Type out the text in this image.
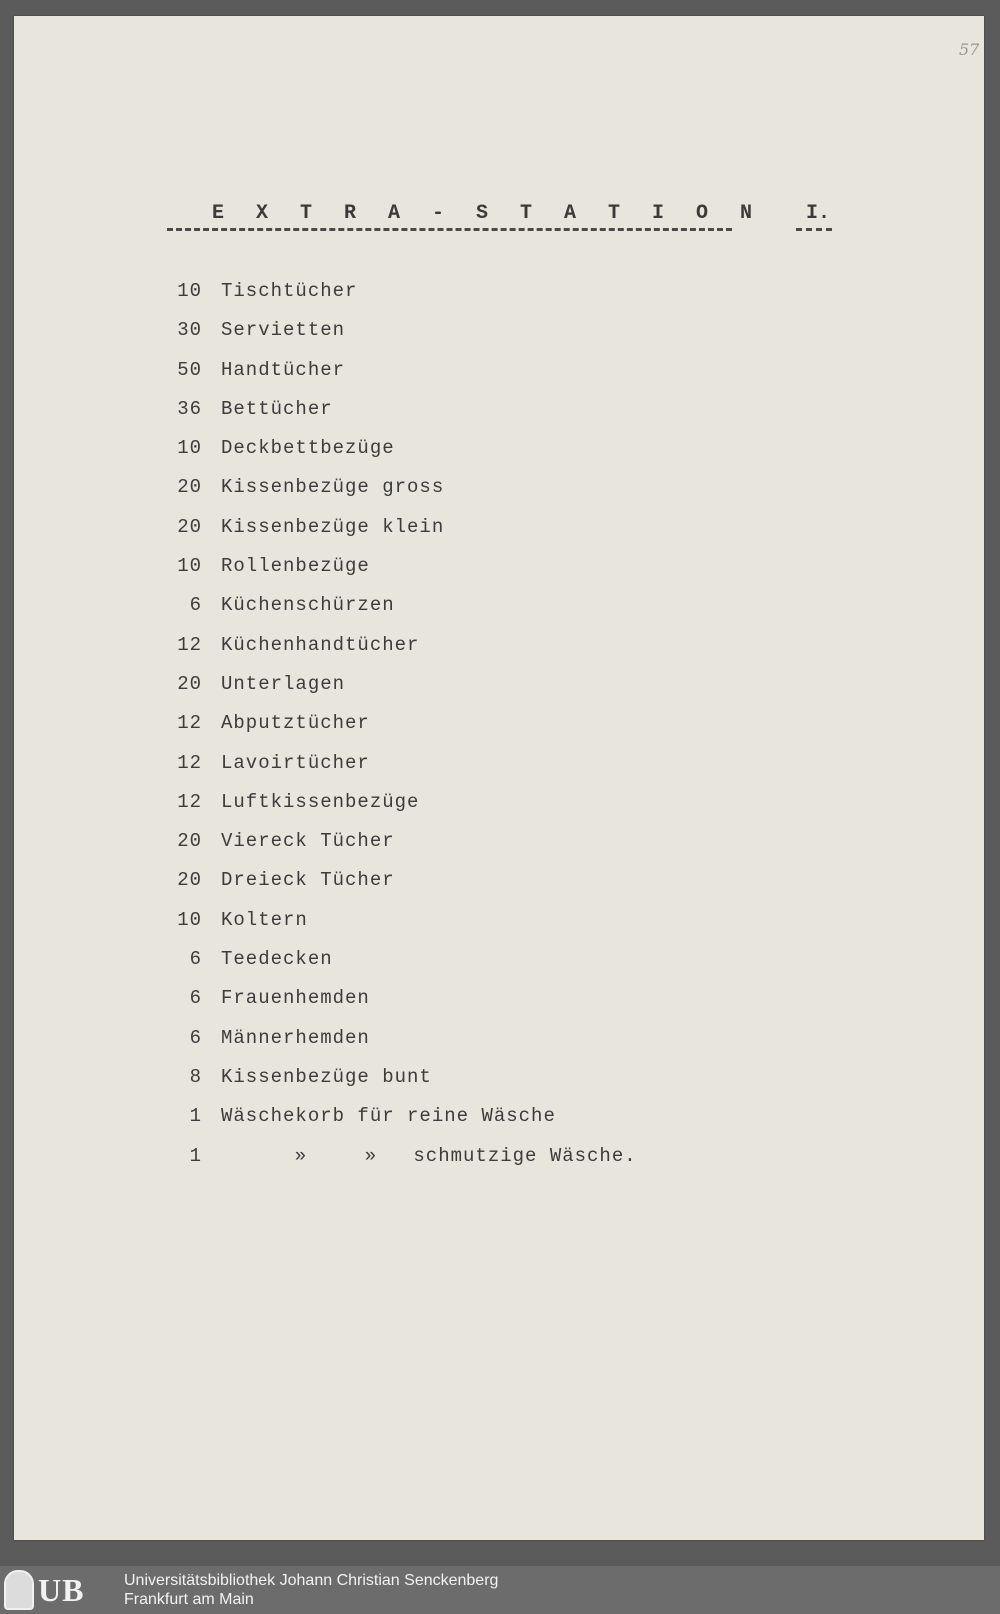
57
E X T R A - S T A T I O N I.
10 Tischtücher
30 Servietten
50 Handtücher
36 Bettücher
10 Deckbettbezüge
20 Kissenbezüge gross
20 Kissenbezüge klein
10 Rollenbezüge
6 Küchenschürzen
12 Küchenhandtücher
20 Unterlagen
12 Abputztücher
12 Lavoirtücher
12 Luftkissenbezüge
20 Viereck Tücher
20 Dreieck Tücher
10 Koltern
6 Teedecken
6 Frauenhemden
6 Männerhemden
8 Kissenbezüge bunt
1 Wäschekorb für reine Wäsche
1	»	» schmutzige Wäsche.
UB Universitätsbibliothek Johann Christian Senckenberg
Frankfurt am Main
